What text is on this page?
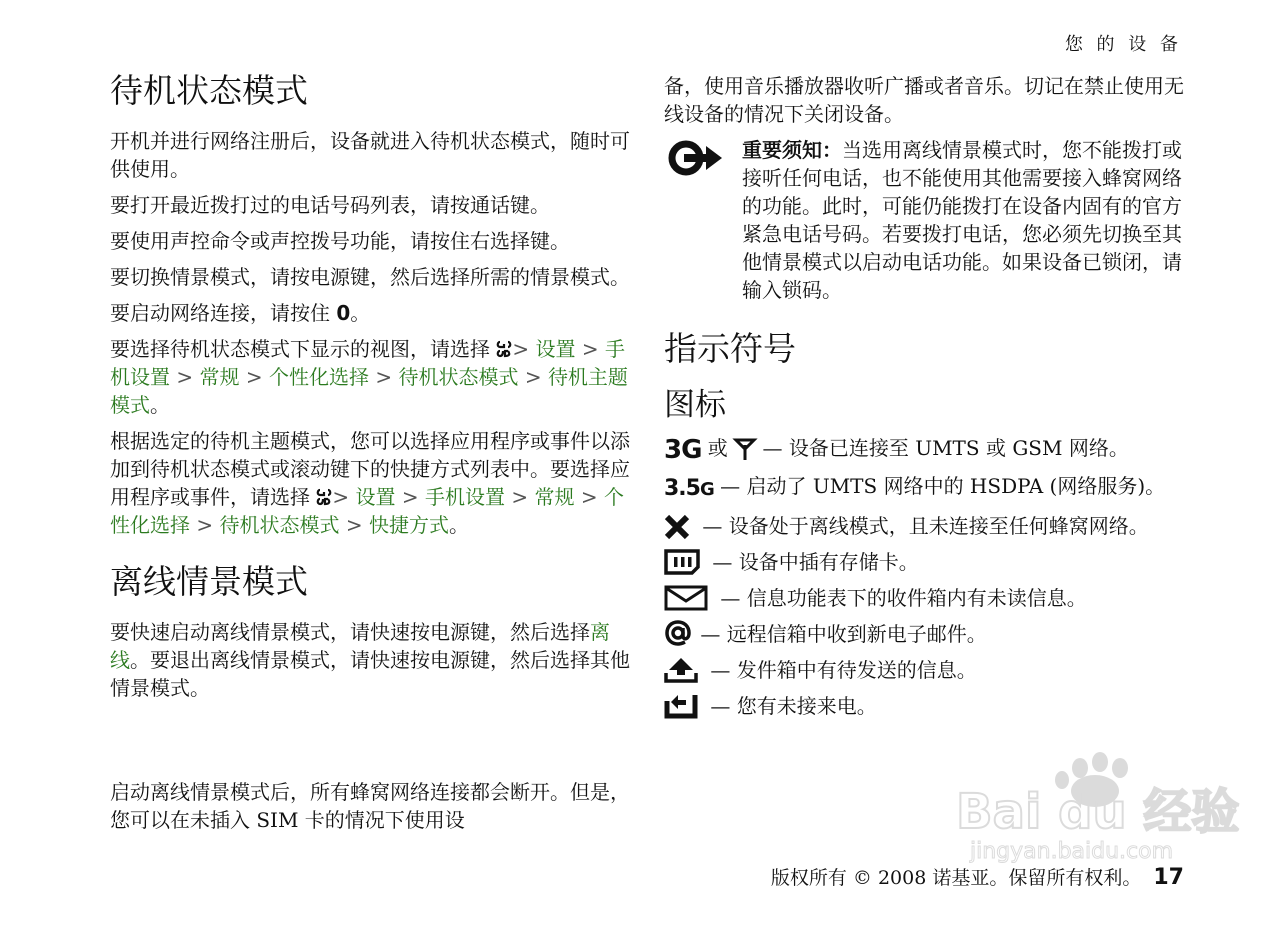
您 的 设 备
待机状态模式

开机并进行网络注册后，设备就进入待机状态模式，随时可供使用。

要打开最近拨打过的电话号码列表，请按通话键。

要使用声控命令或声控拨号功能，请按住右选择键。

要切换情景模式，请按电源键，然后选择所需的情景模式。

要启动网络连接，请按住 0。

要选择待机状态模式下显示的视图，请选择 > 设置 > 手机设置 > 常规 > 个性化选择 > 待机状态模式 > 待机主题模式。

根据选定的待机主题模式，您可以选择应用程序或事件以添加到待机状态模式或滚动键下的快捷方式列表中。要选择应用程序或事件，请选择 > 设置 > 手机设置 > 常规 > 个性化选择 > 待机状态模式 > 快捷方式。

离线情景模式

要快速启动离线情景模式，请快速按电源键，然后选择离线。要退出离线情景模式，请快速按电源键，然后选择其他情景模式。

启动离线情景模式后，所有蜂窝网络连接都会断开。但是，您可以在未插入 SIM 卡的情况下使用设

备，使用音乐播放器收听广播或者音乐。切记在禁止使用无线设备的情况下关闭设备。

重要须知：当选用离线情景模式时，您不能拨打或接听任何电话，也不能使用其他需要接入蜂窝网络的功能。此时，可能仍能拨打在设备内固有的官方紧急电话号码。若要拨打电话，您必须先切换至其他情景模式以启动电话功能。如果设备已锁闭，请输入锁码。

指示符号
图标
3G 或  — 设备已连接至 UMTS 或 GSM 网络。
3.5G — 启动了 UMTS 网络中的 HSDPA (网络服务)。
— 设备处于离线模式，且未连接至任何蜂窝网络。
— 设备中插有存储卡。
— 信息功能表下的收件箱内有未读信息。
— 远程信箱中收到新电子邮件。
— 发件箱中有待发送的信息。
— 您有未接来电。
Bai du 经验
jingyan.baidu.com
版权所有 © 2008 诺基亚。保留所有权利。 17
